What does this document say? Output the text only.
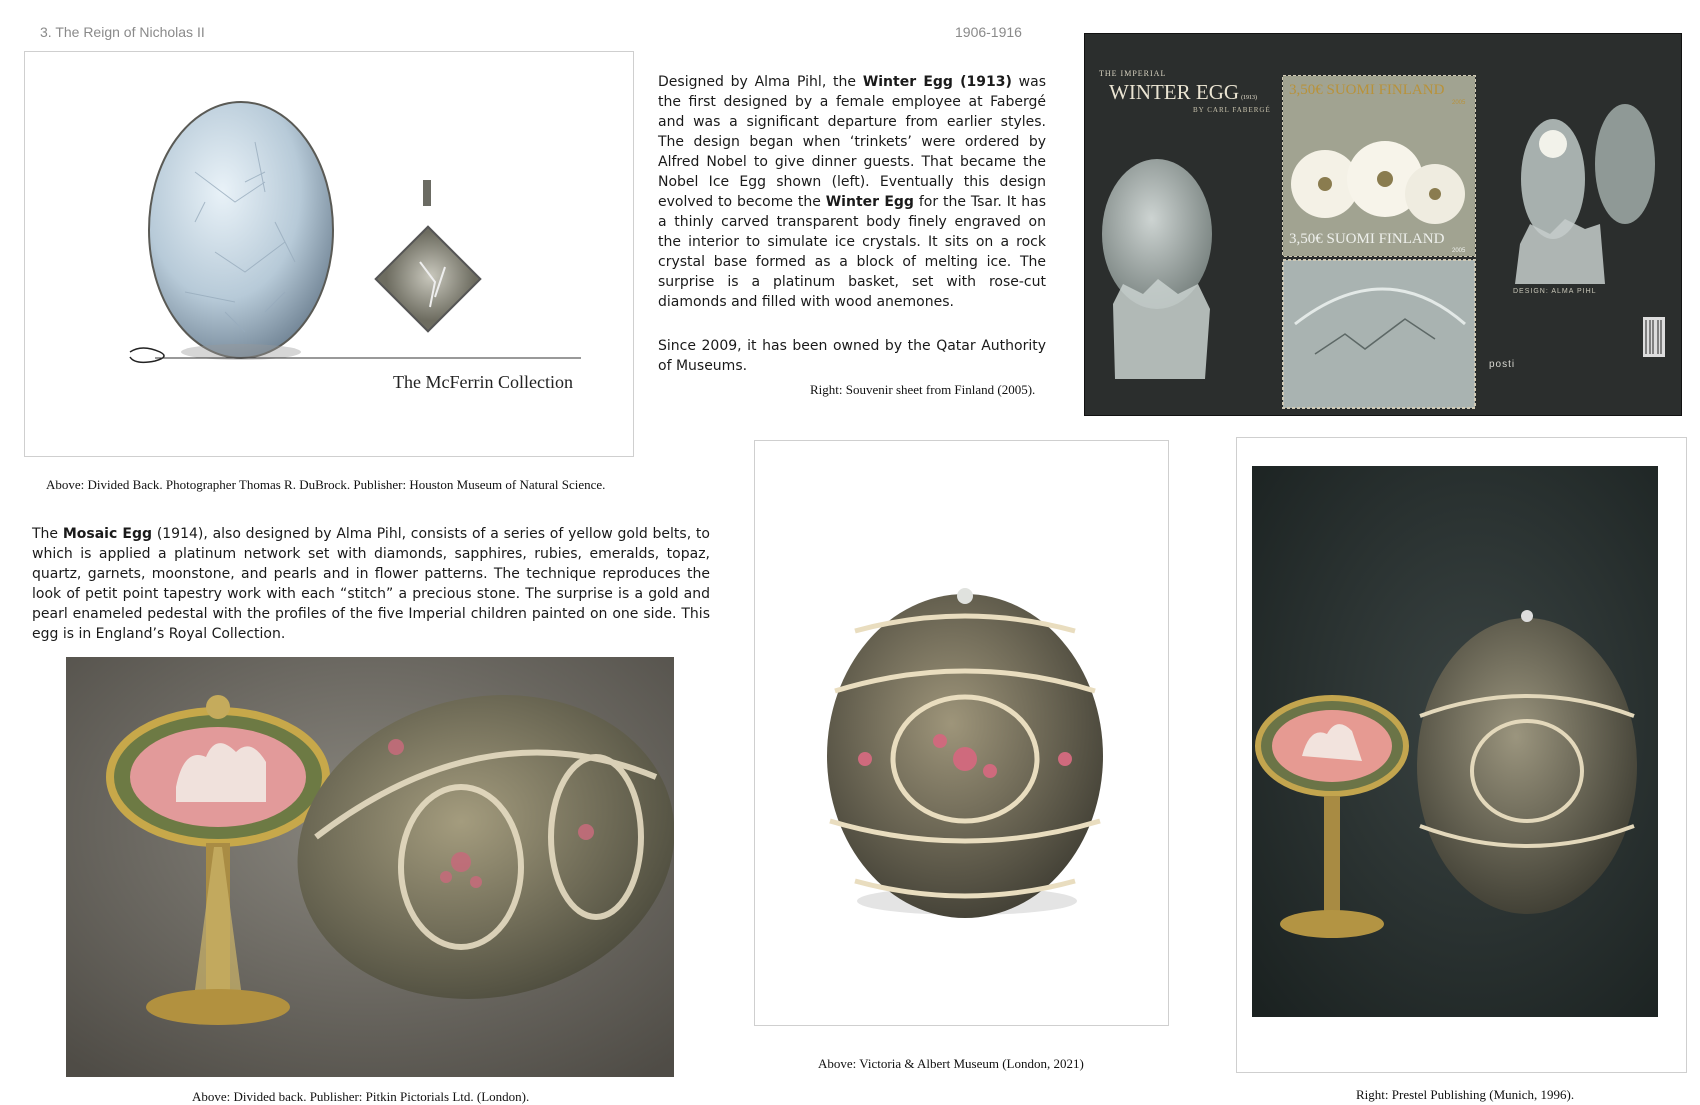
3. The Reign of Nicholas II	1906-1916
The McFerrin Collection
Above: Divided Back. Photographer Thomas R. DuBrock. Publisher: Houston Museum of Natural Science.
Designed by Alma Pihl, the Winter Egg (1913) was the first designed by a female employee at Fabergé and was a significant departure from earlier styles. The design began when ‘trinkets’ were ordered by Alfred Nobel to give dinner guests. That became the Nobel Ice Egg shown (left). Eventually this design evolved to become the Winter Egg for the Tsar. It has a thinly carved transparent body finely engraved on the interior to simulate ice crystals. It sits on a rock crystal base formed as a block of melting ice. The surprise is a platinum basket, set with rose-cut diamonds and filled with wood anemones.
Since 2009, it has been owned by the Qatar Authority of Museums.
Right: Souvenir sheet from Finland (2005).
THE IMPERIAL
WINTER EGG (1913)
BY CARL FABERGÉ
3,50€ SUOMI FINLAND
2005
3,50€ SUOMI FINLAND
2005
DESIGN: ALMA PIHL
posti
The Mosaic Egg (1914), also designed by Alma Pihl, consists of a series of yellow gold belts, to which is applied a platinum network set with diamonds, sapphires, rubies, emeralds, topaz, quartz, garnets, moonstone, and pearls and in flower patterns. The technique reproduces the look of petit point tapestry work with each “stitch” a precious stone. The surprise is a gold and pearl enameled pedestal with the profiles of the five Imperial children painted on one side. This egg is in England’s Royal Collection.
Above: Divided back. Publisher: Pitkin Pictorials Ltd. (London).
Above: Victoria & Albert Museum (London, 2021)
Right: Prestel Publishing (Munich, 1996).
